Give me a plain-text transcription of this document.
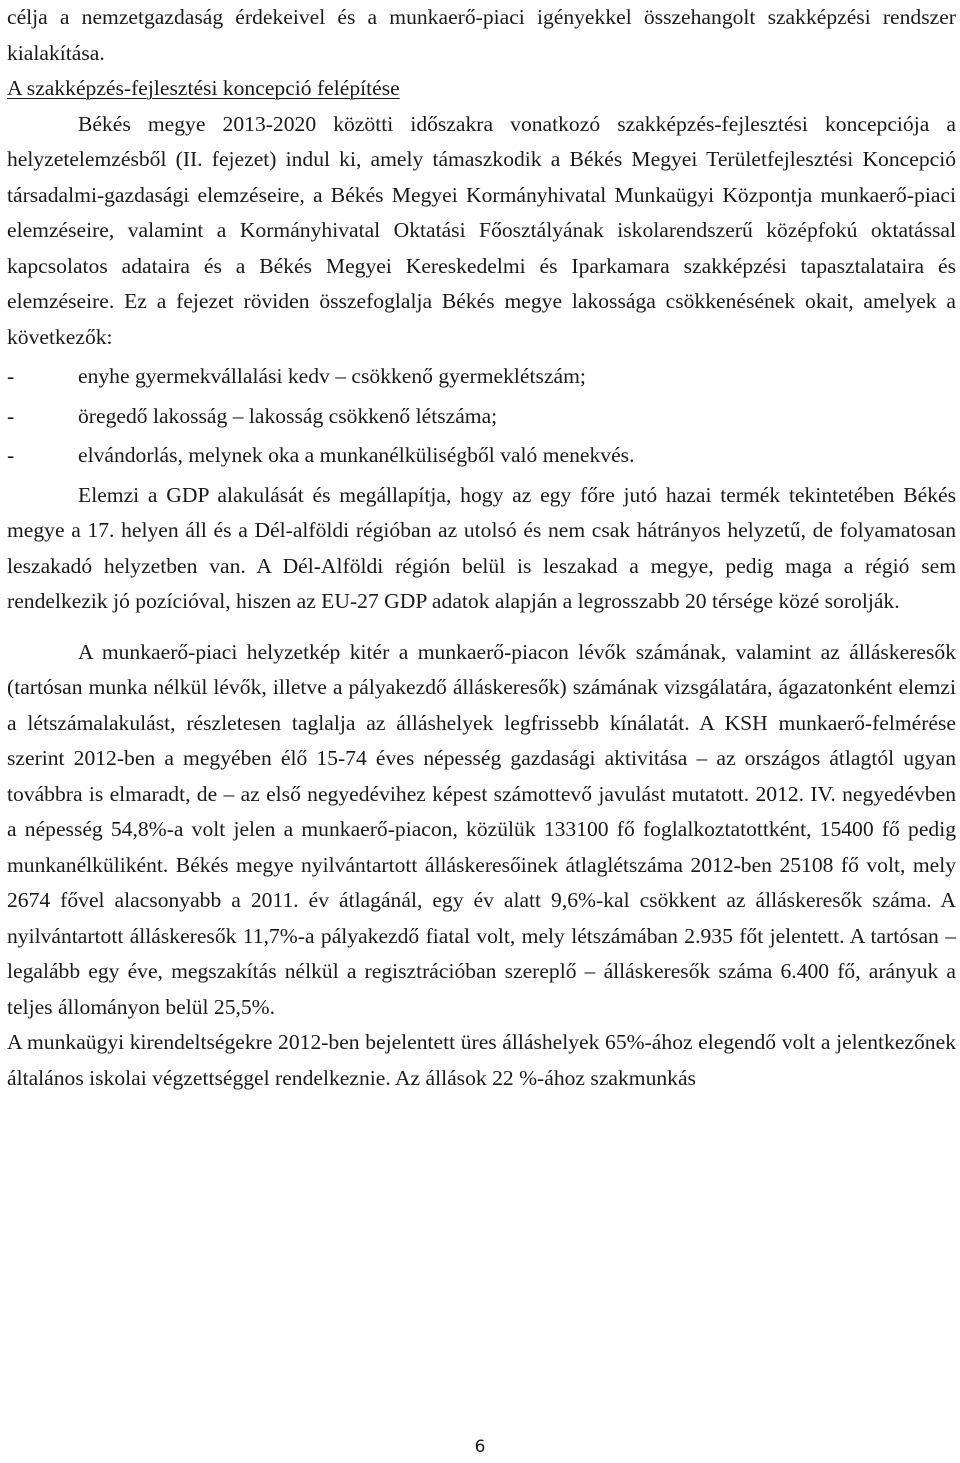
célja a nemzetgazdaság érdekeivel és a munkaerő-piaci igényekkel összehangolt szakképzési rendszer kialakítása.

A szakképzés-fejlesztési koncepció felépítése

Békés megye 2013-2020 közötti időszakra vonatkozó szakképzés-fejlesztési koncepciója a helyzetelemzésből (II. fejezet) indul ki, amely támaszkodik a Békés Megyei Területfejlesztési Koncepció társadalmi-gazdasági elemzéseire, a Békés Megyei Kormányhivatal Munkaügyi Központja munkaerő-piaci elemzéseire, valamint a Kormányhivatal Oktatási Főosztályának iskolarendszerű középfokú oktatással kapcsolatos adataira és a Békés Megyei Kereskedelmi és Iparkamara szakképzési tapasztalataira és elemzéseire. Ez a fejezet röviden összefoglalja Békés megye lakossága csökkenésének okait, amelyek a következők:

-	enyhe gyermekvállalási kedv – csökkenő gyermeklétszám;
-	öregedő lakosság – lakosság csökkenő létszáma;
-	elvándorlás, melynek oka a munkanélküliségből való menekvés.

Elemzi a GDP alakulását és megállapítja, hogy az egy főre jutó hazai termék tekintetében Békés megye a 17. helyen áll és a Dél-alföldi régióban az utolsó és nem csak hátrányos helyzetű, de folyamatosan leszakadó helyzetben van. A Dél-Alföldi régión belül is leszakad a megye, pedig maga a régió sem rendelkezik jó pozícióval, hiszen az EU-27 GDP adatok alapján a legrosszabb 20 térsége közé sorolják.

A munkaerő-piaci helyzetkép kitér a munkaerő-piacon lévők számának, valamint az álláskeresők (tartósan munka nélkül lévők, illetve a pályakezdő álláskeresők) számának vizsgálatára, ágazatonként elemzi a létszámalakulást, részletesen taglalja az álláshelyek legfrissebb kínálatát. A KSH munkaerő-felmérése szerint 2012-ben a megyében élő 15-74 éves népesség gazdasági aktivitása – az országos átlagtól ugyan továbbra is elmaradt, de – az első negyedévihez képest számottevő javulást mutatott. 2012. IV. negyedévben a népesség 54,8%-a volt jelen a munkaerő-piacon, közülük 133100 fő foglalkoztatottként, 15400 fő pedig munkanélküliként. Békés megye nyilvántartott álláskeresőinek átlaglétszáma 2012-ben 25108 fő volt, mely 2674 fővel alacsonyabb a 2011. év átlagánál, egy év alatt 9,6%-kal csökkent az álláskeresők száma. A nyilvántartott álláskeresők 11,7%-a pályakezdő fiatal volt, mely létszámában 2.935 főt jelentett. A tartósan – legalább egy éve, megszakítás nélkül a regisztrációban szereplő – álláskeresők száma 6.400 fő, arányuk a teljes állományon belül 25,5%.

A munkaügyi kirendeltségekre 2012-ben bejelentett üres álláshelyek 65%-ához elegendő volt a jelentkezőnek általános iskolai végzettséggel rendelkeznie. Az állások 22 %-ához szakmunkás

6
